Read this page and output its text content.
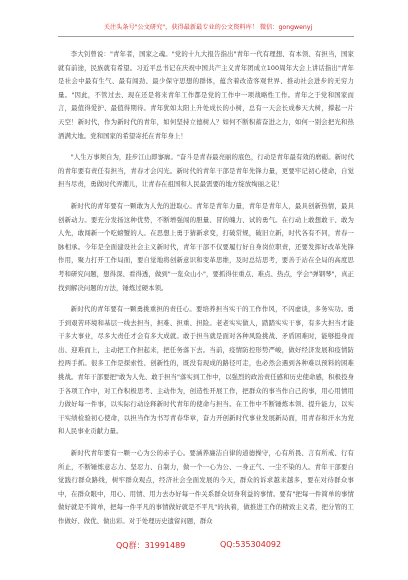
关注头条号"公文研究"，获得最新最专业的公文资料库！ 微信：gongwenyj

李大钊曾说："青年者，国家之魂。"党的十九大报告指出"青年一代有理想、有本领、有担当，国家就有前途，民族就有希望。习近平总书记在庆祝中国共产主义青年团成立100周年大会上讲话指出"青年是社会中最有生气、最有闯劲、最少保守思想的群体，蕴含着改造客观世界、推动社会进步的无穷力量。"因此，不管过去、现在还是将来青年工作都是党的工作中一项战略性工作。青年之于党和国家而言，最值得爱护、最值得期待。青年犹如太阳上升处成长的小树，总有一天会长成参天大树，撑起一片天空！新时代，作为新时代的青年，如何坚持立德树人？如何不断积蓄奋进之力，如何一别会把光和热洒满大地。党和国家的希望寄托在青年身上！

"人生万事须自为，跬步江山即寥廓。"奋斗是青春最亮丽的底色，行动是青年最有效的磨砺。新时代的青年要有责任有担当，青春才会闪光。新时代的青年干部是青年先锋力量，更要牢记初心使命，自觉担当尽责，勇做时代弄潮儿，让青春在祖国和人民最需要的地方绽放绚丽之花！

新时代的青年要有一颗敢为人先的进取心。青年是青年力量，青年是青年人，最具创新热情，最具创新动力。要充分发扬这种优势，不断增强闯的胆量、冒的魄力、试的勇气。在行动上敢想敢干、敢为人先，敢闯新一个吃螃蟹的人。在思想上勇于猜新求变，打破常规，破旧立新，时代各有不同，青春一脉相承。今年是全面建设社会主义新时代，青年干部不仅要履行好自身岗位职责，还要发挥好改革先锋作用，聚力打开工作局面，要自觉地将创新意识和变革思维，及时总结思考，要善于站在全局的高度思考和研究问题，想得深、看得透，做到"一览众山小"，要抓得住重点、难点、热点，学会"弹钢琴"，真正找到解决问题的方法，锤炼过硬本领。

新时代的青年要有一颗勇挑重担的责任心。要培养担当实干的工作作风，不闪虚谈，多务实功。勇于到艰苦环境和基层一线去担当，担难、担重、担险。老老实实做人，踏踏实实干事，有多大担当才能干多大事业，尽多大责任才会有多大成就。敢于担当就是面对各种风险挑战、矛盾困难时，能够挺身而出、迎难而上，主动把工作担起来，把任务落下去。当前，疫情防控形势严峻，做好经济发展和疫情防控两手抓。很多工作是探索性、创新性的，既没有现成的路径可走，也必然会遇到各种难以预料的困难挑战。青年干部要把"敢为人先、敢于担当"落实到工作中，以强烈的政治责任感和历史使命感，积极投身于各项工作中，对工作积极思考、主动作为，创造性开展工作，把群众的事当作自己的事，用心用情用力做好每一件事，以实际行动诠释新时代青年的使命与担当。在工作中不断锤炼本领、提升能力，以实干实绩检验初心使命，以担当作为书写青春华章，奋力开创新时代事业发展新局面，用青春和汗水为党和人民事业贡献力量。

新时代青年要有一颗一心为公的赤子心。要涵养廉洁自律的道德操守，心有所畏、言有所戒、行有所止，不断锤炼意志力、坚忍力、自制力，做一个一心为公、一身正气、一尘不染的人。青年干部要自觉践行群众路线，树牢群众观点，经济社会全面发展的今天，群众的诉求越来越多，要在对待群众事中，在群众眼中，用心、用情、用力去办好每一件关系群众切身利益的事情。要有"把每一件简单的事情做好就是不简单，把每一件平凡的事情做好就是不平凡"的执着，做推进工作的精致主义者，把分管的工作做好、做优、做出彩。对于处理历史遗留问题，群众

QQ群：31991489	QQ:535304092
